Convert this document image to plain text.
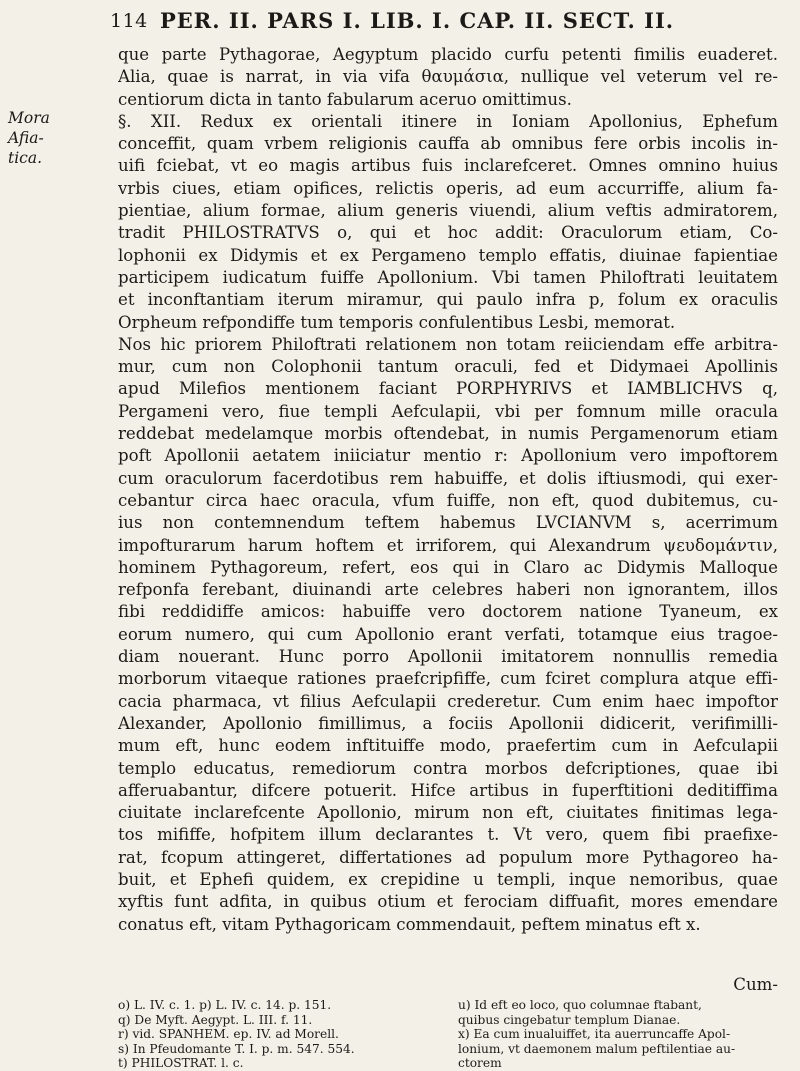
114 PER. II. PARS I. LIB. I. CAP. II. SECT. II.
Mora Afia-
tica.
que parte Pythagorae, Aegyptum placido curfu petenti fimilis euaderet.
Alia, quae is narrat, in via vifa θαυμάσια, nullique vel veterum vel re-
centiorum dicta in tanto fabularum aceruo omittimus.
§. XII. Redux ex orientali itinere in Ioniam Apollonius, Ephefum
conceffit, quam vrbem religionis cauffa ab omnibus fere orbis incolis in-
uifi fciebat, vt eo magis artibus fuis inclarefceret. Omnes omnino huius
vrbis ciues, etiam opifices, relictis operis, ad eum accurriffe, alium fa-
pientiae, alium formae, alium generis viuendi, alium veftis admiratorem,
tradit PHILOSTRATVS o, qui et hoc addit: Oraculorum etiam, Co-
lophonii ex Didymis et ex Pergameno templo effatis, diuinae fapientiae
participem iudicatum fuiffe Apollonium. Vbi tamen Philoftrati leuitatem
et inconftantiam iterum miramur, qui paulo infra p, folum ex oraculis
Orpheum refpondiffe tum temporis confulentibus Lesbi, memorat.
Nos hic priorem Philoftrati relationem non totam reiiciendam effe arbitra-
mur, cum non Colophonii tantum oraculi, fed et Didymaei Apollinis
apud Milefios mentionem faciant PORPHYRIVS et IAMBLICHVS q,
Pergameni vero, fiue templi Aefculapii, vbi per fomnum mille oracula
reddebat medelamque morbis oftendebat, in numis Pergamenorum etiam
poft Apollonii aetatem iniiciatur mentio r: Apollonium vero impoftorem
cum oraculorum facerdotibus rem habuiffe, et dolis iftiusmodi, qui exer-
cebantur circa haec oracula, vfum fuiffe, non eft, quod dubitemus, cu-
ius non contemnendum teftem habemus LVCIANVM s, acerrimum
impofturarum harum hoftem et irriforem, qui Alexandrum ψευδομάντιν,
hominem Pythagoreum, refert, eos qui in Claro ac Didymis Malloque
refponfa ferebant, diuinandi arte celebres haberi non ignorantem, illos
fibi reddidiffe amicos: habuiffe vero doctorem natione Tyaneum, ex
eorum numero, qui cum Apollonio erant verfati, totamque eius tragoe-
diam nouerant. Hunc porro Apollonii imitatorem nonnullis remedia
morborum vitaeque rationes praefcripfiffe, cum fciret complura atque effi-
cacia pharmaca, vt filius Aefculapii crederetur. Cum enim haec impoftor
Alexander, Apollonio fimillimus, a fociis Apollonii didicerit, verifimilli-
mum eft, hunc eodem inftituiffe modo, praefertim cum in Aefculapii
templo educatus, remediorum contra morbos defcriptiones, quae ibi
afferuabantur, difcere potuerit. Hifce artibus in fuperftitioni deditiffima
ciuitate inclarefcente Apollonio, mirum non eft, ciuitates finitimas lega-
tos mififfe, hofpitem illum declarantes t. Vt vero, quem fibi praefixe-
rat, fcopum attingeret, differtationes ad populum more Pythagoreo ha-
buit, et Ephefi quidem, ex crepidine u templi, inque nemoribus, quae
xyftis funt adfita, in quibus otium et ferociam diffuafit, mores emendare
conatus eft, vitam Pythagoricam commendauit, peftem minatus eft x.
Cum-
o) L. IV. c. 1. p) L. IV. c. 14. p. 151.
q) De Myft. Aegypt. L. III. f. 11.
r) vid. SPANHEM. ep. IV. ad Morell.
s) In Pfeudomante T. I. p. m. 547. 554.
t) PHILOSTRAT. l. c.
u) Id eft eo loco, quo columnae ftabant,
quibus cingebatur templum Dianae.
x) Ea cum inualuiffet, ita auerruncaffe Apol-
lonium, vt daemonem malum peftilentiae au-
ctorem
